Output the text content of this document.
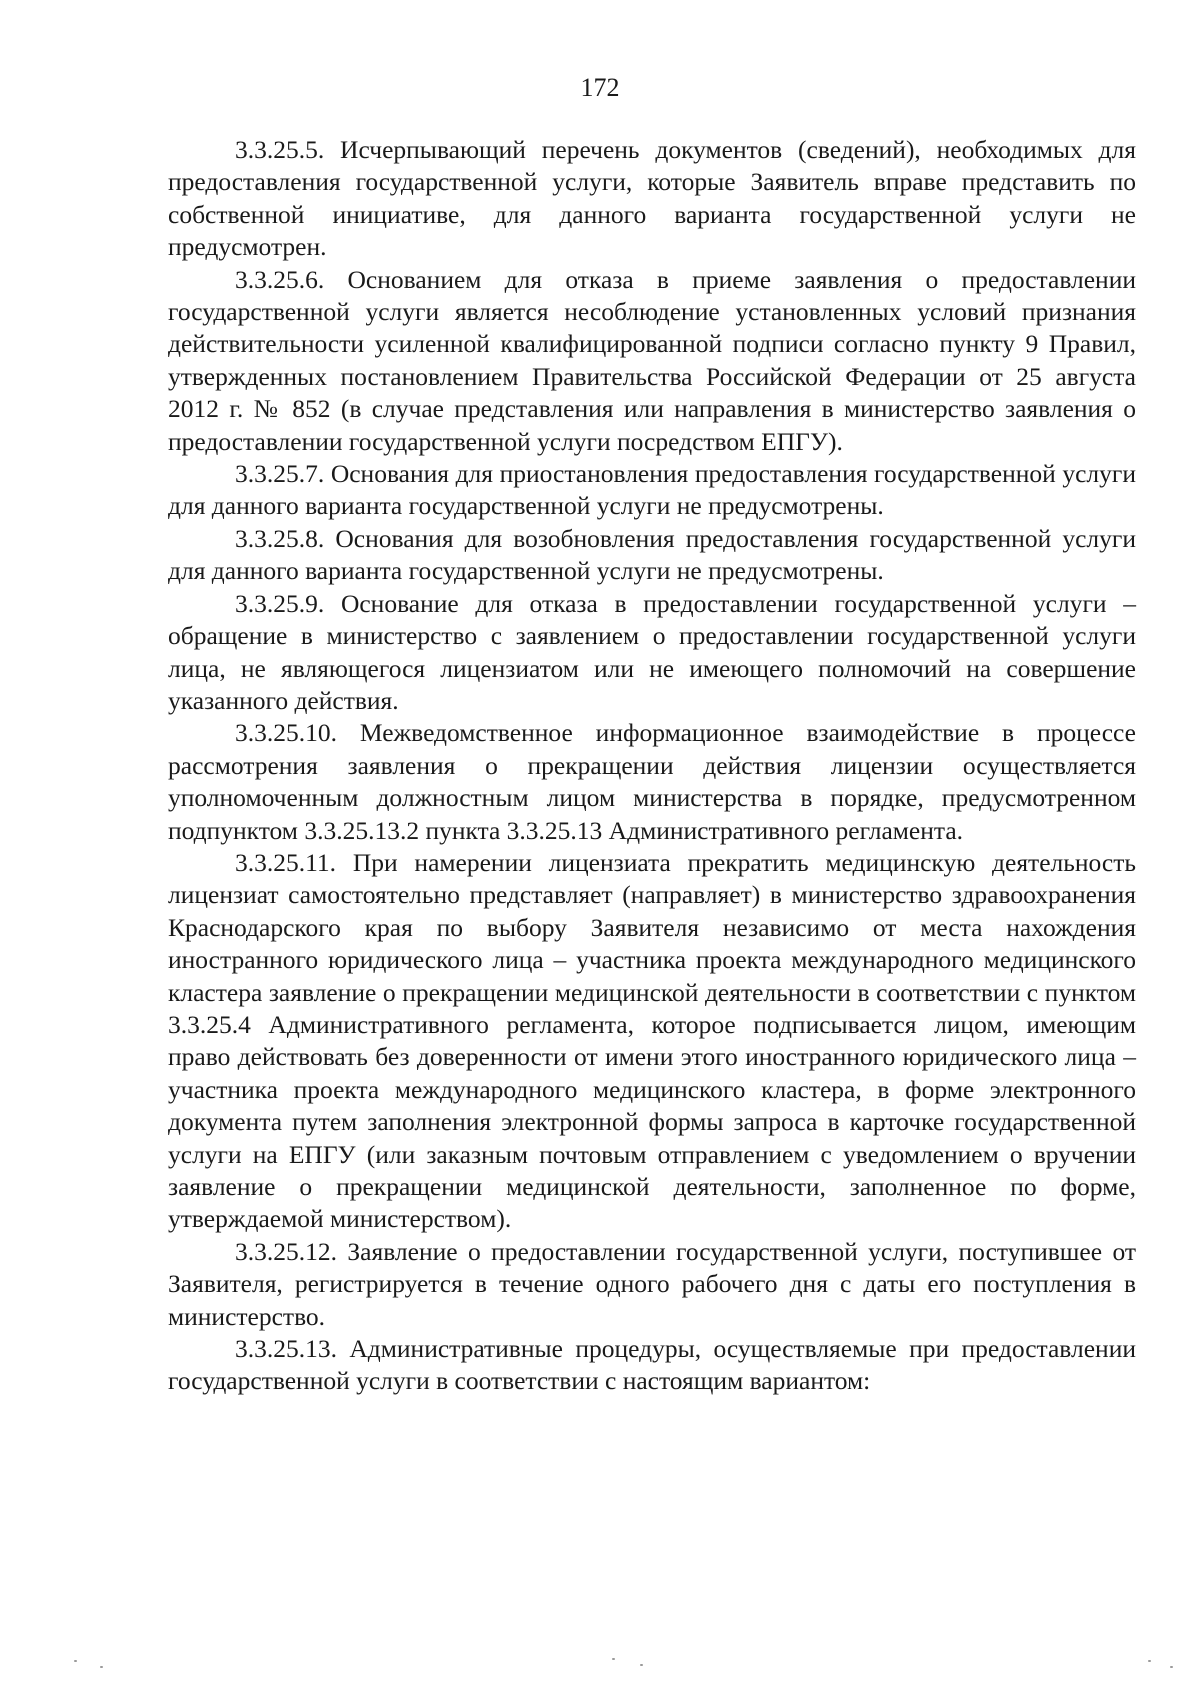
172

3.3.25.5. Исчерпывающий перечень документов (сведений), необходимых для предоставления государственной услуги, которые Заявитель вправе представить по собственной инициативе, для данного варианта государственной услуги не предусмотрен.

3.3.25.6. Основанием для отказа в приеме заявления о предоставлении государственной услуги является несоблюдение установленных условий признания действительности усиленной квалифицированной подписи согласно пункту 9 Правил, утвержденных постановлением Правительства Российской Федерации от 25 августа 2012 г. № 852 (в случае представления или направления в министерство заявления о предоставлении государственной услуги посредством ЕПГУ).

3.3.25.7. Основания для приостановления предоставления государственной услуги для данного варианта государственной услуги не предусмотрены.

3.3.25.8. Основания для возобновления предоставления государственной услуги для данного варианта государственной услуги не предусмотрены.

3.3.25.9. Основание для отказа в предоставлении государственной услуги – обращение в министерство с заявлением о предоставлении государственной услуги лица, не являющегося лицензиатом или не имеющего полномочий на совершение указанного действия.

3.3.25.10. Межведомственное информационное взаимодействие в процессе рассмотрения заявления о прекращении действия лицензии осуществляется уполномоченным должностным лицом министерства в порядке, предусмотренном подпунктом 3.3.25.13.2 пункта 3.3.25.13 Административного регламента.

3.3.25.11. При намерении лицензиата прекратить медицинскую деятельность лицензиат самостоятельно представляет (направляет) в министерство здравоохранения Краснодарского края по выбору Заявителя независимо от места нахождения иностранного юридического лица – участника проекта международного медицинского кластера заявление о прекращении медицинской деятельности в соответствии с пунктом 3.3.25.4 Административного регламента, которое подписывается лицом, имеющим право действовать без доверенности от имени этого иностранного юридического лица – участника проекта международного медицинского кластера, в форме электронного документа путем заполнения электронной формы запроса в карточке государственной услуги на ЕПГУ (или заказным почтовым отправлением с уведомлением о вручении заявление о прекращении медицинской деятельности, заполненное по форме, утверждаемой министерством).

3.3.25.12. Заявление о предоставлении государственной услуги, поступившее от Заявителя, регистрируется в течение одного рабочего дня с даты его поступления в министерство.

3.3.25.13. Административные процедуры, осуществляемые при предоставлении государственной услуги в соответствии с настоящим вариантом:
